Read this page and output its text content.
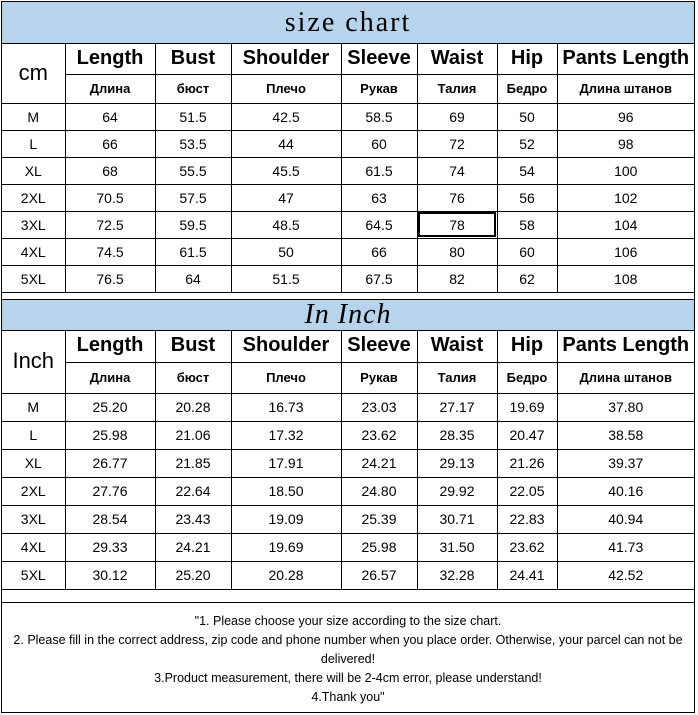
size chart
cm	Length	Bust	Shoulder	Sleeve	Waist	Hip	Pants Length
	Длина	бюст	Плечо	Рукав	Талия	Бедро	Длина штанов
M	64	51.5	42.5	58.5	69	50	96
L	66	53.5	44	60	72	52	98
XL	68	55.5	45.5	61.5	74	54	100
2XL	70.5	57.5	47	63	76	56	102
3XL	72.5	59.5	48.5	64.5	78	58	104
4XL	74.5	61.5	50	66	80	60	106
5XL	76.5	64	51.5	67.5	82	62	108
In Inch
Inch	Length	Bust	Shoulder	Sleeve	Waist	Hip	Pants Length
	Длина	бюст	Плечо	Рукав	Талия	Бедро	Длина штанов
M	25.20	20.28	16.73	23.03	27.17	19.69	37.80
L	25.98	21.06	17.32	23.62	28.35	20.47	38.58
XL	26.77	21.85	17.91	24.21	29.13	21.26	39.37
2XL	27.76	22.64	18.50	24.80	29.92	22.05	40.16
3XL	28.54	23.43	19.09	25.39	30.71	22.83	40.94
4XL	29.33	24.21	19.69	25.98	31.50	23.62	41.73
5XL	30.12	25.20	20.28	26.57	32.28	24.41	42.52
"1. Please choose your size according to the size chart.
2. Please fill in the correct address, zip code and phone number when you place order. Otherwise, your parcel can not be delivered!
3.Product measurement, there will be 2-4cm error, please understand!
4.Thank you"
